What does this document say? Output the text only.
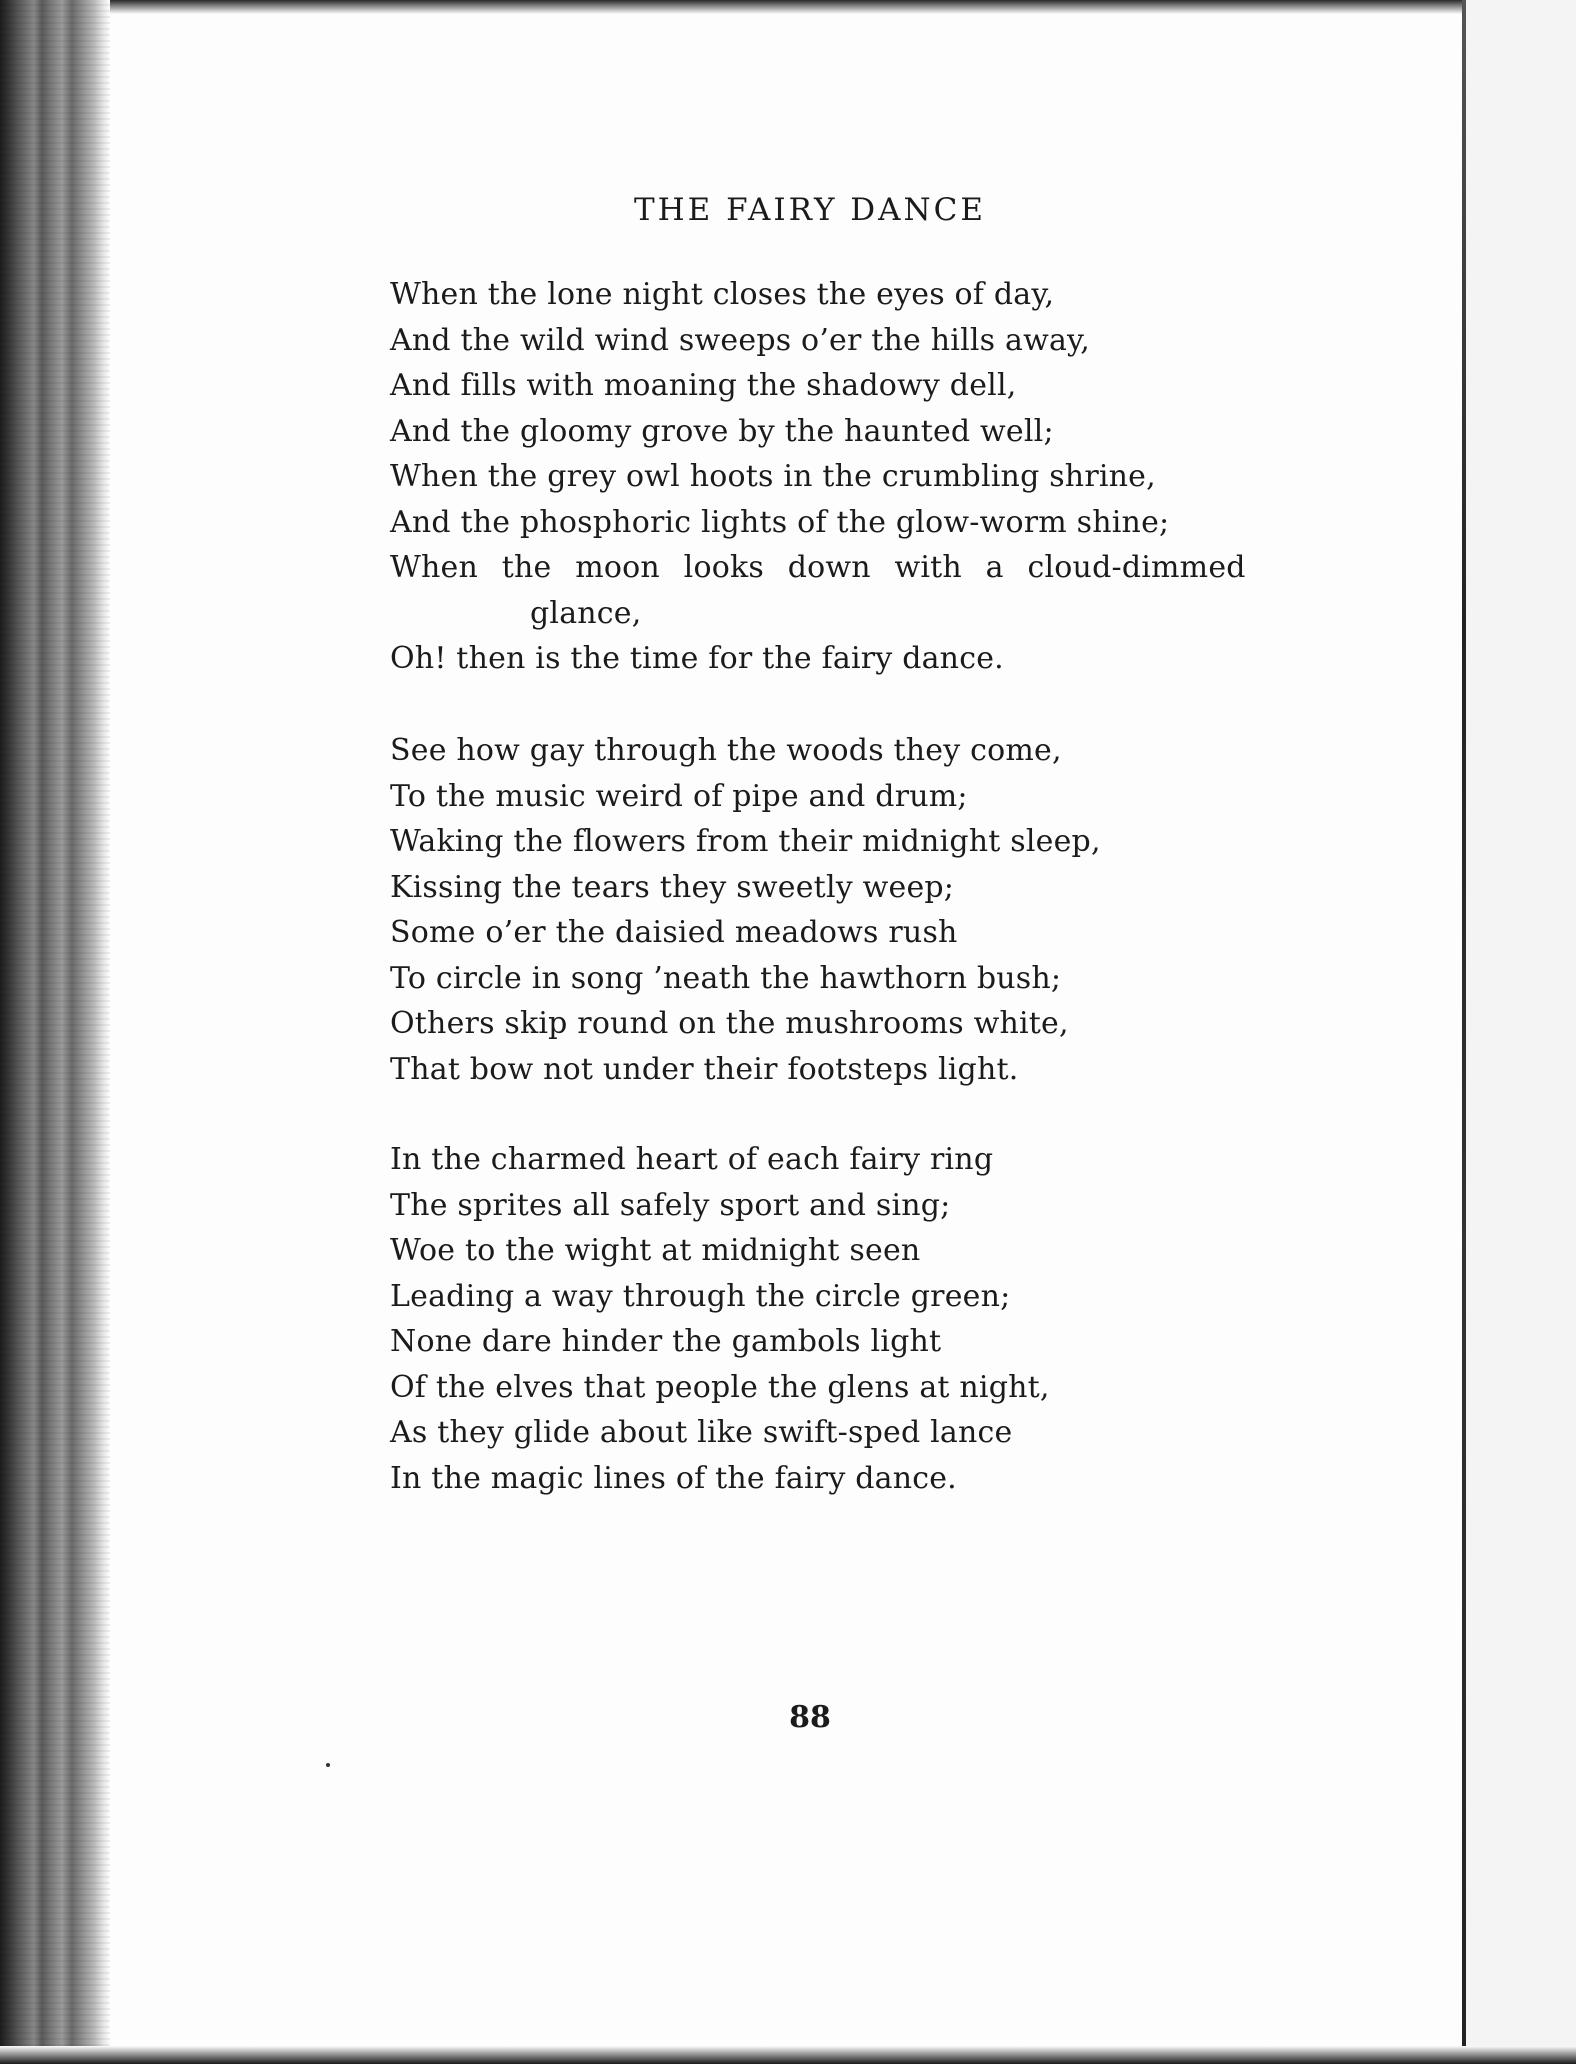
THE FAIRY DANCE
When the lone night closes the eyes of day,
And the wild wind sweeps o’er the hills away,
And fills with moaning the shadowy dell,
And the gloomy grove by the haunted well;
When the grey owl hoots in the crumbling shrine,
And the phosphoric lights of the glow-worm shine;
When the moon looks down with a cloud-dimmed
glance,
Oh! then is the time for the fairy dance.
See how gay through the woods they come,
To the music weird of pipe and drum;
Waking the flowers from their midnight sleep,
Kissing the tears they sweetly weep;
Some o’er the daisied meadows rush
To circle in song ’neath the hawthorn bush;
Others skip round on the mushrooms white,
That bow not under their footsteps light.
In the charmed heart of each fairy ring
The sprites all safely sport and sing;
Woe to the wight at midnight seen
Leading a way through the circle green;
None dare hinder the gambols light
Of the elves that people the glens at night,
As they glide about like swift-sped lance
In the magic lines of the fairy dance.
88
